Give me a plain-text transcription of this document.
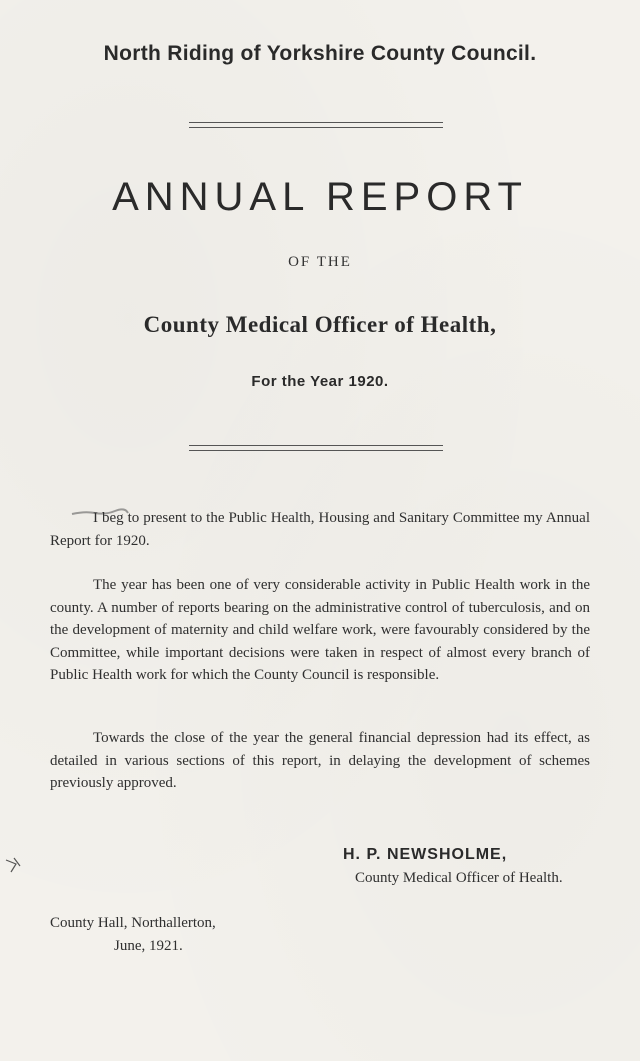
North Riding of Yorkshire County Council.
ANNUAL REPORT
OF THE
County Medical Officer of Health,
For the Year 1920.

I beg to present to the Public Health, Housing and Sanitary Committee my Annual Report for 1920.

The year has been one of very considerable activity in Public Health work in the county. A number of reports bearing on the administrative control of tuberculosis, and on the development of maternity and child welfare work, were favourably considered by the Committee, while important decisions were taken in respect of almost every branch of Public Health work for which the County Council is responsible.

Towards the close of the year the general financial depression had its effect, as detailed in various sections of this report, in delaying the development of schemes previously approved.

H. P. NEWSHOLME,
County Medical Officer of Health.
County Hall, Northallerton,
June, 1921.
